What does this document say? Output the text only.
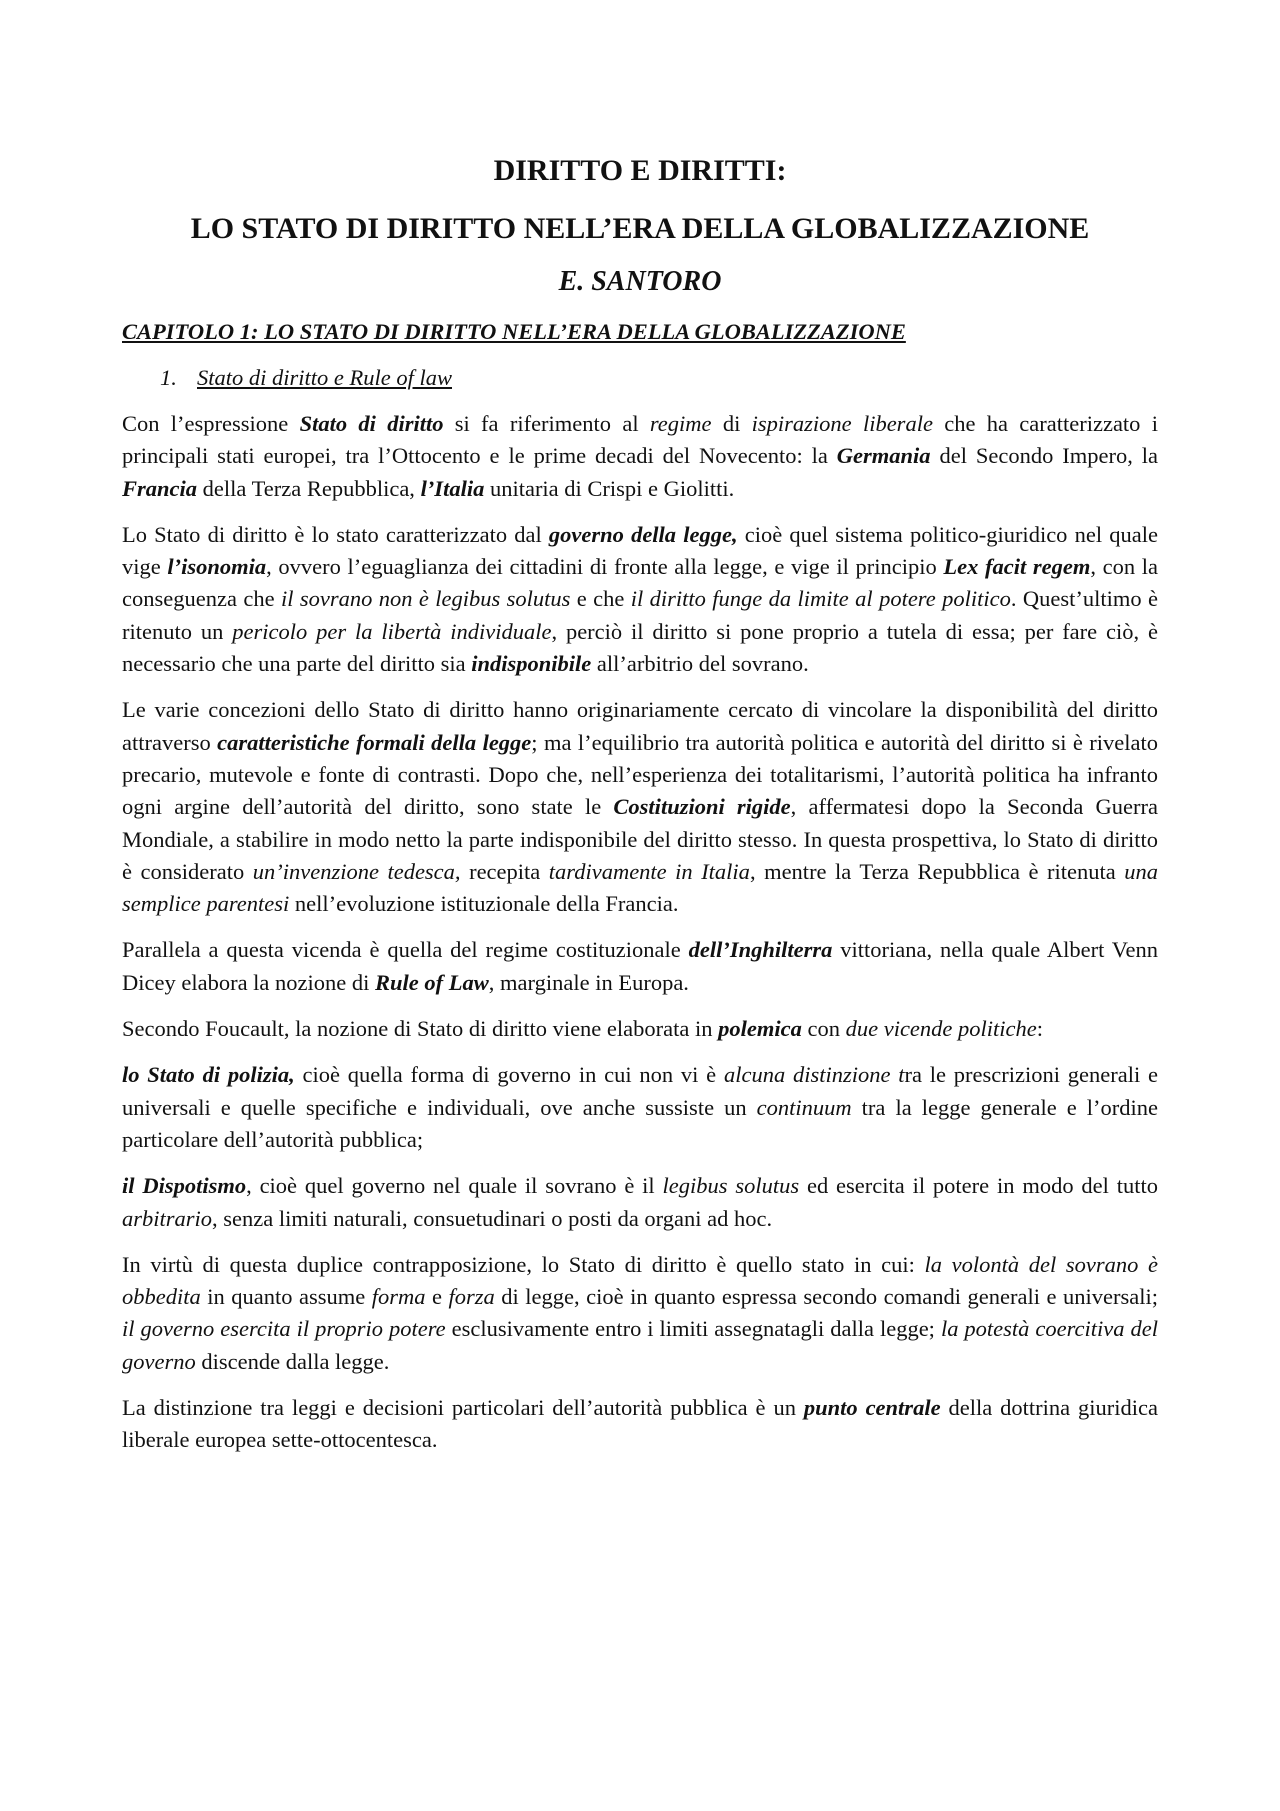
DIRITTO E DIRITTI:
LO STATO DI DIRITTO NELL’ERA DELLA GLOBALIZZAZIONE
E. SANTORO
CAPITOLO 1: LO STATO DI DIRITTO NELL’ERA DELLA GLOBALIZZAZIONE
1. Stato di diritto e Rule of law

Con l’espressione Stato di diritto si fa riferimento al regime di ispirazione liberale che ha caratterizzato i principali stati europei, tra l’Ottocento e le prime decadi del Novecento: la Germania del Secondo Impero, la Francia della Terza Repubblica, l’Italia unitaria di Crispi e Giolitti.

Lo Stato di diritto è lo stato caratterizzato dal governo della legge, cioè quel sistema politico-giuridico nel quale vige l’isonomia, ovvero l’eguaglianza dei cittadini di fronte alla legge, e vige il principio Lex facit regem, con la conseguenza che il sovrano non è legibus solutus e che il diritto funge da limite al potere politico. Quest’ultimo è ritenuto un pericolo per la libertà individuale, perciò il diritto si pone proprio a tutela di essa; per fare ciò, è necessario che una parte del diritto sia indisponibile all’arbitrio del sovrano.

Le varie concezioni dello Stato di diritto hanno originariamente cercato di vincolare la disponibilità del diritto attraverso caratteristiche formali della legge; ma l’equilibrio tra autorità politica e autorità del diritto si è rivelato precario, mutevole e fonte di contrasti. Dopo che, nell’esperienza dei totalitarismi, l’autorità politica ha infranto ogni argine dell’autorità del diritto, sono state le Costituzioni rigide, affermatesi dopo la Seconda Guerra Mondiale, a stabilire in modo netto la parte indisponibile del diritto stesso. In questa prospettiva, lo Stato di diritto è considerato un’invenzione tedesca, recepita tardivamente in Italia, mentre la Terza Repubblica è ritenuta una semplice parentesi nell’evoluzione istituzionale della Francia.

Parallela a questa vicenda è quella del regime costituzionale dell’Inghilterra vittoriana, nella quale Albert Venn Dicey elabora la nozione di Rule of Law, marginale in Europa.

Secondo Foucault, la nozione di Stato di diritto viene elaborata in polemica con due vicende politiche:

lo Stato di polizia, cioè quella forma di governo in cui non vi è alcuna distinzione tra le prescrizioni generali e universali e quelle specifiche e individuali, ove anche sussiste un continuum tra la legge generale e l’ordine particolare dell’autorità pubblica;

il Dispotismo, cioè quel governo nel quale il sovrano è il legibus solutus ed esercita il potere in modo del tutto arbitrario, senza limiti naturali, consuetudinari o posti da organi ad hoc.

In virtù di questa duplice contrapposizione, lo Stato di diritto è quello stato in cui: la volontà del sovrano è obbedita in quanto assume forma e forza di legge, cioè in quanto espressa secondo comandi generali e universali; il governo esercita il proprio potere esclusivamente entro i limiti assegnatagli dalla legge; la potestà coercitiva del governo discende dalla legge.

La distinzione tra leggi e decisioni particolari dell’autorità pubblica è un punto centrale della dottrina giuridica liberale europea sette-ottocentesca.
